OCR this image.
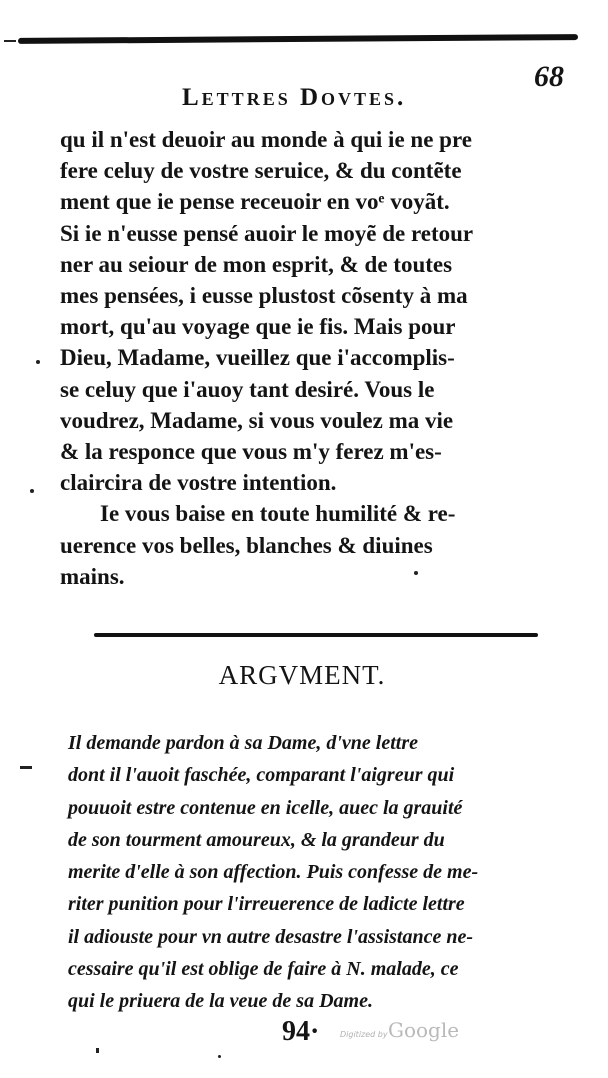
Lettres Dovtes.
68
qu il n'est deuoir au monde à qui ie ne pre
fere celuy de vostre seruice, & du contẽte
ment que ie pense receuoir en voᵉ voyãt.
Si ie n'eusse pensé auoir le moyẽ de retour
ner au seiour de mon esprit, & de toutes
mes pensées, i eusse plustost cõsenty à ma
mort, qu'au voyage que ie fis. Mais pour
Dieu, Madame, vueillez que i'accomplis-
se celuy que i'auoy tant desiré. Vous le
voudrez, Madame, si vous voulez ma vie
& la responce que vous m'y ferez m'es-
claircira de vostre intention.
Ie vous baise en toute humilité & re-
uerence vos belles, blanches & diuines
mains.
ARGVMENT.
Il demande pardon à sa Dame, d'vne lettre
dont il l'auoit faschée, comparant l'aigreur qui
pouuoit estre contenue en icelle, auec la grauité
de son tourment amoureux, & la grandeur du
merite d'elle à son affection. Puis confesse de me-
riter punition pour l'irreuerence de ladicte lettre
il adiouste pour vn autre desastre l'assistance ne-
cessaire qu'il est oblige de faire à N. malade, ce
qui le priuera de la veue de sa Dame.
94·	Digitized by Google
